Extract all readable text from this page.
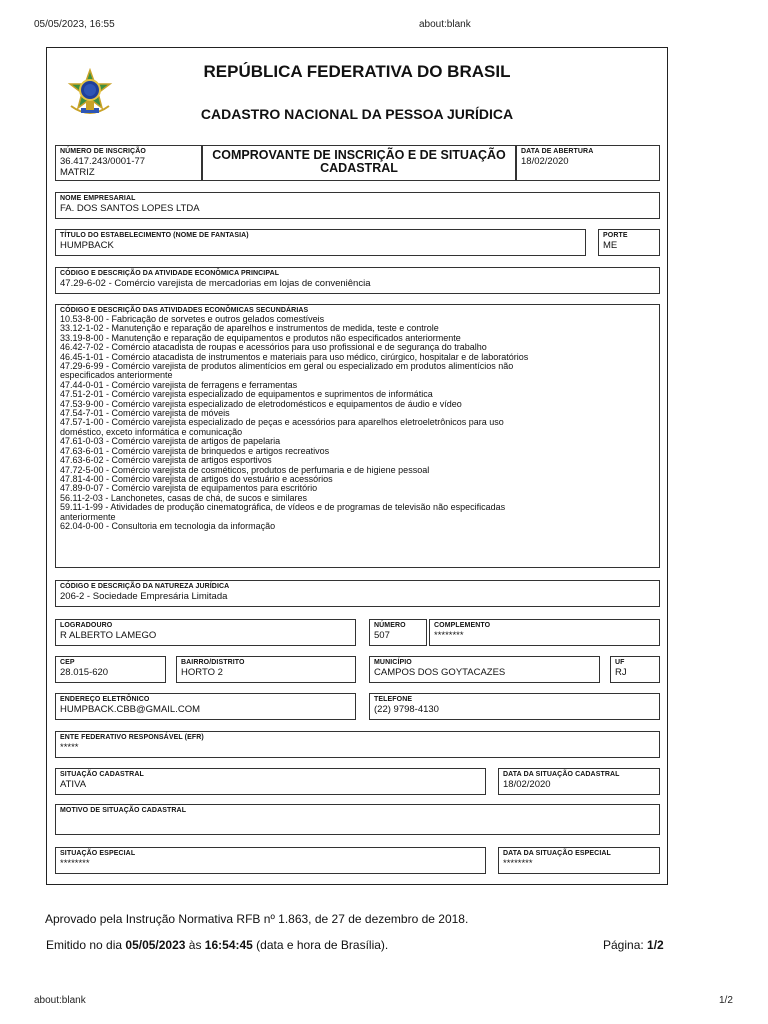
05/05/2023, 16:55	about:blank
REPÚBLICA FEDERATIVA DO BRASIL
CADASTRO NACIONAL DA PESSOA JURÍDICA
NÚMERO DE INSCRIÇÃO
36.417.243/0001-77
MATRIZ
COMPROVANTE DE INSCRIÇÃO E DE SITUAÇÃO
CADASTRAL
DATA DE ABERTURA
18/02/2020
NOME EMPRESARIAL
FA. DOS SANTOS LOPES LTDA
TÍTULO DO ESTABELECIMENTO (NOME DE FANTASIA)
HUMPBACK
PORTE
ME
CÓDIGO E DESCRIÇÃO DA ATIVIDADE ECONÔMICA PRINCIPAL
47.29-6-02 - Comércio varejista de mercadorias em lojas de conveniência
CÓDIGO E DESCRIÇÃO DAS ATIVIDADES ECONÔMICAS SECUNDÁRIAS
10.53-8-00 - Fabricação de sorvetes e outros gelados comestíveis
33.12-1-02 - Manutenção e reparação de aparelhos e instrumentos de medida, teste e controle
33.19-8-00 - Manutenção e reparação de equipamentos e produtos não especificados anteriormente
46.42-7-02 - Comércio atacadista de roupas e acessórios para uso profissional e de segurança do trabalho
46.45-1-01 - Comércio atacadista de instrumentos e materiais para uso médico, cirúrgico, hospitalar e de laboratórios
47.29-6-99 - Comércio varejista de produtos alimentícios em geral ou especializado em produtos alimentícios não
especificados anteriormente
47.44-0-01 - Comércio varejista de ferragens e ferramentas
47.51-2-01 - Comércio varejista especializado de equipamentos e suprimentos de informática
47.53-9-00 - Comércio varejista especializado de eletrodomésticos e equipamentos de áudio e vídeo
47.54-7-01 - Comércio varejista de móveis
47.57-1-00 - Comércio varejista especializado de peças e acessórios para aparelhos eletroeletrônicos para uso
doméstico, exceto informática e comunicação
47.61-0-03 - Comércio varejista de artigos de papelaria
47.63-6-01 - Comércio varejista de brinquedos e artigos recreativos
47.63-6-02 - Comércio varejista de artigos esportivos
47.72-5-00 - Comércio varejista de cosméticos, produtos de perfumaria e de higiene pessoal
47.81-4-00 - Comércio varejista de artigos do vestuário e acessórios
47.89-0-07 - Comércio varejista de equipamentos para escritório
56.11-2-03 - Lanchonetes, casas de chá, de sucos e similares
59.11-1-99 - Atividades de produção cinematográfica, de vídeos e de programas de televisão não especificadas
anteriormente
62.04-0-00 - Consultoria em tecnologia da informação
CÓDIGO E DESCRIÇÃO DA NATUREZA JURÍDICA
206-2 - Sociedade Empresária Limitada
LOGRADOURO
R ALBERTO LAMEGO
NÚMERO
507
COMPLEMENTO
********
CEP
28.015-620
BAIRRO/DISTRITO
HORTO 2
MUNICÍPIO
CAMPOS DOS GOYTACAZES
UF
RJ
ENDEREÇO ELETRÔNICO
HUMPBACK.CBB@GMAIL.COM
TELEFONE
(22) 9798-4130
ENTE FEDERATIVO RESPONSÁVEL (EFR)
*****
SITUAÇÃO CADASTRAL
ATIVA
DATA DA SITUAÇÃO CADASTRAL
18/02/2020
MOTIVO DE SITUAÇÃO CADASTRAL
SITUAÇÃO ESPECIAL
********
DATA DA SITUAÇÃO ESPECIAL
********
Aprovado pela Instrução Normativa RFB nº 1.863, de 27 de dezembro de 2018.
Emitido no dia 05/05/2023 às 16:54:45 (data e hora de Brasília).	Página: 1/2
about:blank	1/2
